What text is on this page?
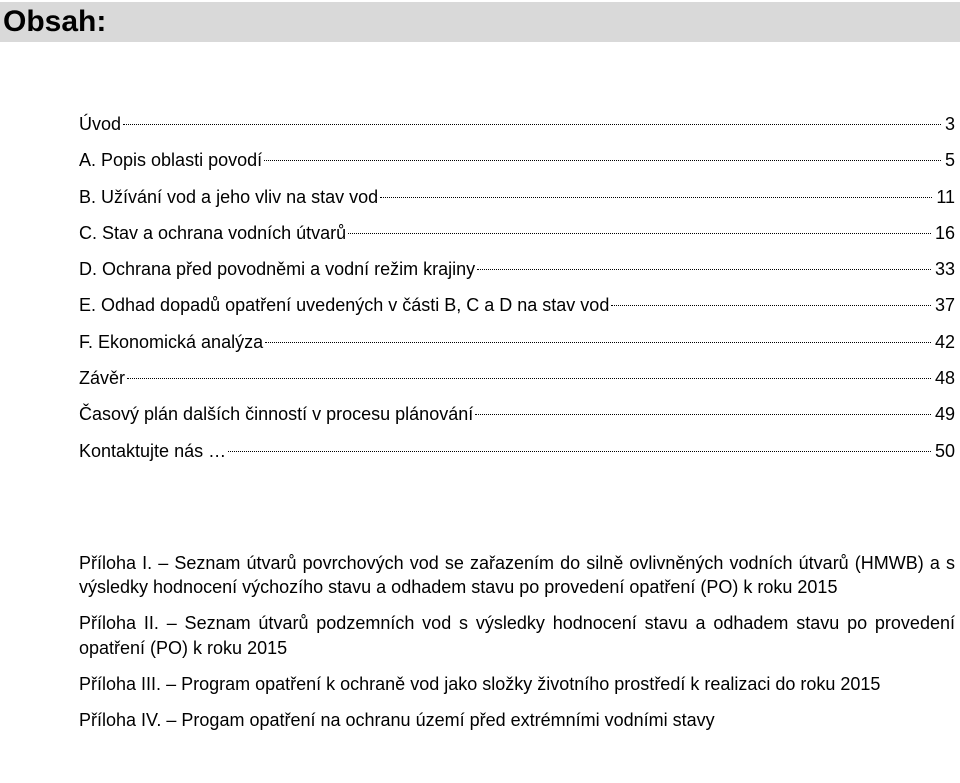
Obsah:
Úvod	3
A. Popis oblasti povodí	5
B. Užívání vod a jeho vliv na stav vod	11
C. Stav a ochrana vodních útvarů	16
D. Ochrana před povodněmi a vodní režim krajiny	33
E. Odhad dopadů opatření uvedených v části B, C a D na stav vod	37
F. Ekonomická analýza	42
Závěr	48
Časový plán dalších činností v procesu plánování	49
Kontaktujte nás …	50

Příloha I. – Seznam útvarů povrchových vod se zařazením do silně ovlivněných vodních útvarů (HMWB) a s výsledky hodnocení výchozího stavu a odhadem stavu po provedení opatření (PO) k roku 2015

Příloha II. – Seznam útvarů podzemních vod s výsledky hodnocení stavu a odhadem stavu po provedení opatření (PO) k roku 2015

Příloha III. – Program opatření k ochraně vod jako složky životního prostředí k realizaci do roku 2015

Příloha IV. – Progam opatření na ochranu území před extrémními vodními stavy
